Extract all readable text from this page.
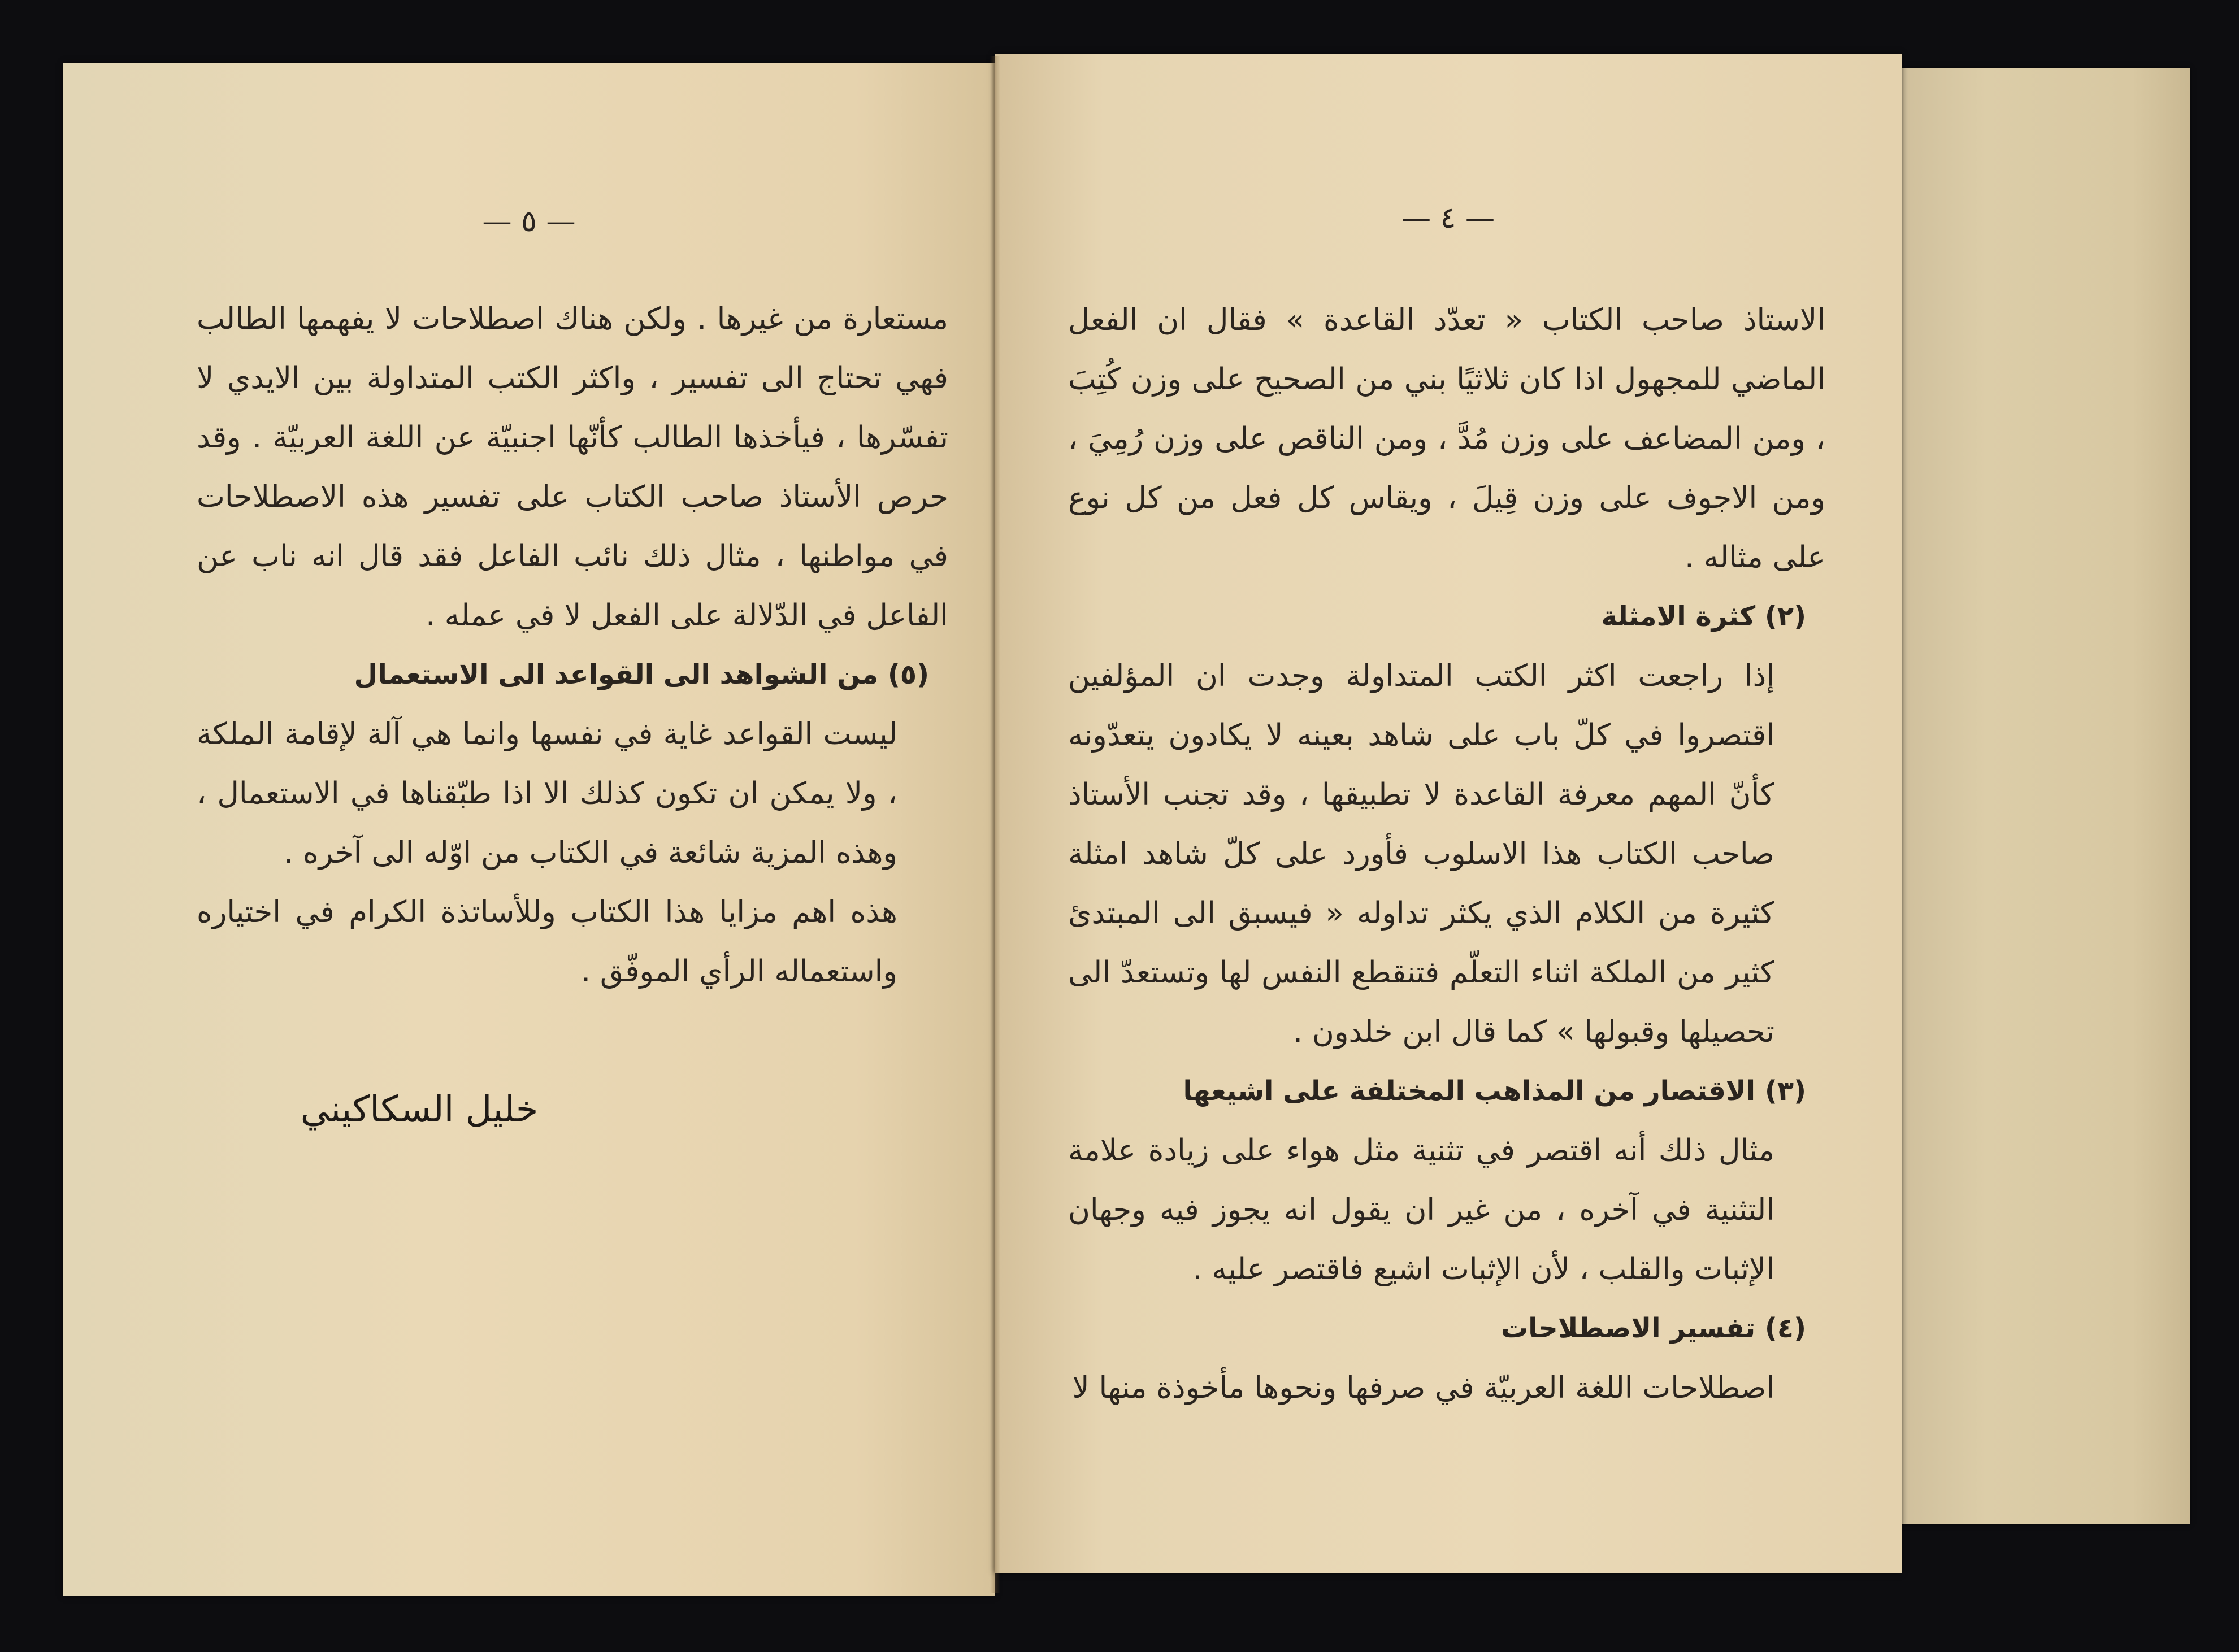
— ٥ —

مستعارة من غيرها . ولكن هناك اصطلاحات لا يفهمها الطالب فهي تحتاج الى تفسير ، واكثر الكتب المتداولة بين الايدي لا تفسّرها ، فيأخذها الطالب كأنّها اجنبيّة عن اللغة العربيّة . وقد حرص الأستاذ صاحب الكتاب على تفسير هذه الاصطلاحات في مواطنها ، مثال ذلك نائب الفاعل فقد قال انه ناب عن الفاعل في الدّلالة على الفعل لا في عمله .

(٥) من الشواهد الى القواعد الى الاستعمال

ليست القواعد غاية في نفسها وانما هي آلة لإقامة الملكة ، ولا يمكن ان تكون كذلك الا اذا طبّقناها في الاستعمال ، وهذه المزية شائعة في الكتاب من اوّله الى آخره .

هذه اهم مزايا هذا الكتاب وللأساتذة الكرام في اختياره واستعماله الرأي الموفّق .

خليل السكاكيني
— ٤ —

الاستاذ صاحب الكتاب « تعدّد القاعدة » فقال ان الفعل الماضي للمجهول اذا كان ثلاثيًا بني من الصحيح على وزن كُتِبَ ، ومن المضاعف على وزن مُدَّ ، ومن الناقص على وزن رُمِيَ ، ومن الاجوف على وزن قِيلَ ، ويقاس كل فعل من كل نوع على مثاله .

(٢) كثرة الامثلة

إذا راجعت اكثر الكتب المتداولة وجدت ان المؤلفين اقتصروا في كلّ باب على شاهد بعينه لا يكادون يتعدّونه كأنّ المهم معرفة القاعدة لا تطبيقها ، وقد تجنب الأستاذ صاحب الكتاب هذا الاسلوب فأورد على كلّ شاهد امثلة كثيرة من الكلام الذي يكثر تداوله « فيسبق الى المبتدئ كثير من الملكة اثناء التعلّم فتنقطع النفس لها وتستعدّ الى تحصيلها وقبولها » كما قال ابن خلدون .

(٣) الاقتصار من المذاهب المختلفة على اشيعها

مثال ذلك أنه اقتصر في تثنية مثل هواء على زيادة علامة التثنية في آخره ، من غير ان يقول انه يجوز فيه وجهان الإثبات والقلب ، لأن الإثبات اشيع فاقتصر عليه .

(٤) تفسير الاصطلاحات

اصطلاحات اللغة العربيّة في صرفها ونحوها مأخوذة منها لا
